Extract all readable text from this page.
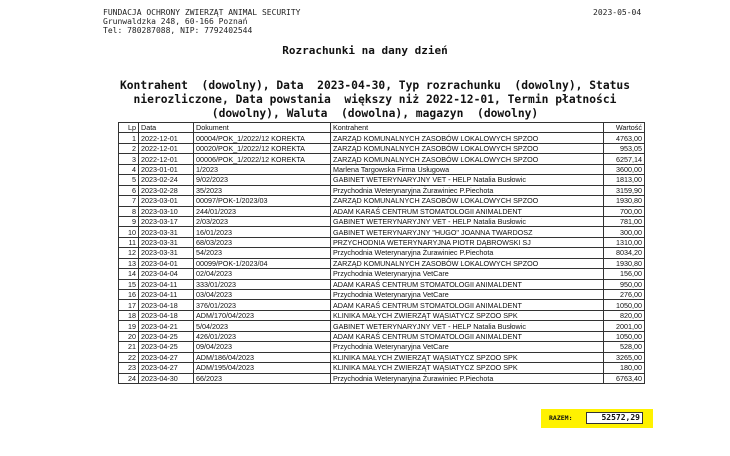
FUNDACJA OCHRONY ZWIERZĄT ANIMAL SECURITY
Grunwaldzka 248, 60-166 Poznań
Tel: 780287088, NIP: 7792402544
2023-05-04
Rozrachunki na dany dzień
Kontrahent  (dowolny), Data  2023-04-30, Typ rozrachunku  (dowolny), Status  nierozliczone, Data powstania  większy niż 2022-12-01, Termin płatności  (dowolny), Waluta  (dowolna), magazyn  (dowolny)
Lp	Data	Dokument	Kontrahent	Wartość
1	2022-12-01	00004/POK_1/2022/12 KOREKTA	ZARZĄD KOMUNALNYCH ZASOBÓW LOKALOWYCH SPZOO	4763,00
2	2022-12-01	00020/POK_1/2022/12 KOREKTA	ZARZĄD KOMUNALNYCH ZASOBÓW LOKALOWYCH SPZOO	953,05
3	2022-12-01	00006/POK_1/2022/12 KOREKTA	ZARZĄD KOMUNALNYCH ZASOBÓW LOKALOWYCH SPZOO	6257,14
4	2023-01-01	1/2023	Marlena Targowska Firma Usługowa	3600,00
5	2023-02-24	9/02/2023	GABINET WETERYNARYJNY VET - HELP Natalia Busłowic	1813,00
6	2023-02-28	35/2023	Przychodnia Weterynaryjna Żurawiniec P.Piechota	3159,90
7	2023-03-01	00097/POK-1/2023/03	ZARZĄD KOMUNALNYCH ZASOBÓW LOKALOWYCH SPZOO	1930,80
8	2023-03-10	244/01/2023	ADAM KARAŚ CENTRUM STOMATOLOGII ANIMALDENT	700,00
9	2023-03-17	2/03/2023	GABINET WETERYNARYJNY VET - HELP Natalia Busłowic	781,00
10	2023-03-31	16/01/2023	GABINET WETERYNARYJNY "HUGO" JOANNA TWARDOSZ	300,00
11	2023-03-31	68/03/2023	PRZYCHODNIA WETERYNARYJNA PIOTR DĄBROWSKI SJ	1310,00
12	2023-03-31	54/2023	Przychodnia Weterynaryjna Żurawiniec P.Piechota	8034,20
13	2023-04-01	00099/POK-1/2023/04	ZARZĄD KOMUNALNYCH ZASOBÓW LOKALOWYCH SPZOO	1930,80
14	2023-04-04	02/04/2023	Przychodnia Weterynaryjna VetCare	156,00
15	2023-04-11	333/01/2023	ADAM KARAŚ CENTRUM STOMATOLOGII ANIMALDENT	950,00
16	2023-04-11	03/04/2023	Przychodnia Weterynaryjna VetCare	276,00
17	2023-04-18	376/01/2023	ADAM KARAŚ CENTRUM STOMATOLOGII ANIMALDENT	1050,00
18	2023-04-18	ADM/170/04/2023	KLINIKA MAŁYCH ZWIERZĄT WĄSIATYCZ SPZOO SPK	820,00
19	2023-04-21	5/04/2023	GABINET WETERYNARYJNY VET - HELP Natalia Busłowic	2001,00
20	2023-04-25	426/01/2023	ADAM KARAŚ CENTRUM STOMATOLOGII ANIMALDENT	1050,00
21	2023-04-25	09/04/2023	Przychodnia Weterynaryjna VetCare	528,00
22	2023-04-27	ADM/186/04/2023	KLINIKA MAŁYCH ZWIERZĄT WĄSIATYCZ SPZOO SPK	3265,00
23	2023-04-27	ADM/195/04/2023	KLINIKA MAŁYCH ZWIERZĄT WĄSIATYCZ SPZOO SPK	180,00
24	2023-04-30	66/2023	Przychodnia Weterynaryjna Żurawiniec P.Piechota	6763,40
RAZEM:	52572,29
